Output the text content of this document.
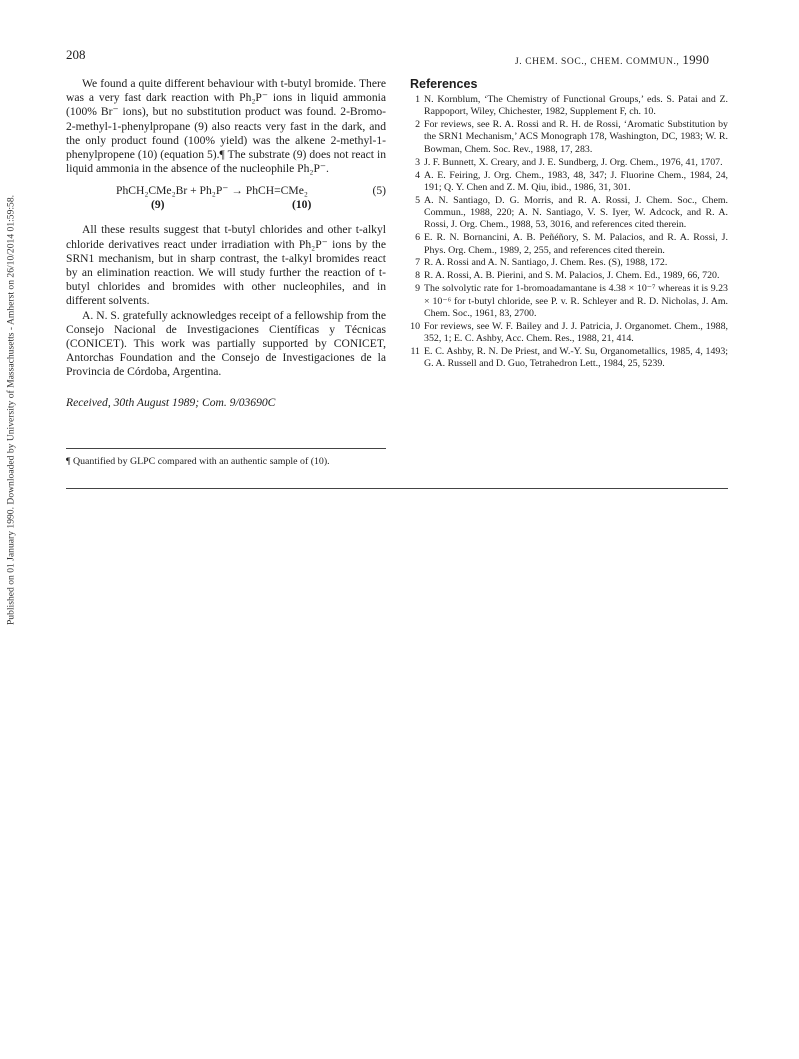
Published on 01 January 1990. Downloaded by University of Massachusetts - Amherst on 26/10/2014 01:59:58.
208	J. CHEM. SOC., CHEM. COMMUN., 1990

We found a quite different behaviour with t-butyl bromide. There was a very fast dark reaction with Ph₂P⁻ ions in liquid ammonia (100% Br⁻ ions), but no substitution product was found. 2-Bromo-2-methyl-1-phenylpropane (9) also reacts very fast in the dark, and the only product found (100% yield) was the alkene 2-methyl-1-phenylpropene (10) (equation 5).¶ The substrate (9) does not react in liquid ammonia in the absence of the nucleophile Ph₂P⁻.

PhCH₂CMe₂Br + Ph₂P⁻ → PhCH=CMe₂	(5)
(9)	(10)

All these results suggest that t-butyl chlorides and other t-alkyl chloride derivatives react under irradiation with Ph₂P⁻ ions by the SRN1 mechanism, but in sharp contrast, the t-alkyl bromides react by an elimination reaction. We will study further the reaction of t-butyl chlorides and bromides with other nucleophiles, and in different solvents.

A. N. S. gratefully acknowledges receipt of a fellowship from the Consejo Nacional de Investigaciones Científicas y Técnicas (CONICET). This work was partially supported by CONICET, Antorchas Foundation and the Consejo de Investigaciones de la Provincia de Córdoba, Argentina.

Received, 30th August 1989; Com. 9/03690C

¶ Quantified by GLPC compared with an authentic sample of (10).
References
1 N. Kornblum, ‘The Chemistry of Functional Groups,’ eds. S. Patai and Z. Rappoport, Wiley, Chichester, 1982, Supplement F, ch. 10.
2 For reviews, see R. A. Rossi and R. H. de Rossi, ‘Aromatic Substitution by the SRN1 Mechanism,’ ACS Monograph 178, Washington, DC, 1983; W. R. Bowman, Chem. Soc. Rev., 1988, 17, 283.
3 J. F. Bunnett, X. Creary, and J. E. Sundberg, J. Org. Chem., 1976, 41, 1707.
4 A. E. Feiring, J. Org. Chem., 1983, 48, 347; J. Fluorine Chem., 1984, 24, 191; Q. Y. Chen and Z. M. Qiu, ibid., 1986, 31, 301.
5 A. N. Santiago, D. G. Morris, and R. A. Rossi, J. Chem. Soc., Chem. Commun., 1988, 220; A. N. Santiago, V. S. Iyer, W. Adcock, and R. A. Rossi, J. Org. Chem., 1988, 53, 3016, and references cited therein.
6 E. R. N. Bornancini, A. B. Peñéñory, S. M. Palacios, and R. A. Rossi, J. Phys. Org. Chem., 1989, 2, 255, and references cited therein.
7 R. A. Rossi and A. N. Santiago, J. Chem. Res. (S), 1988, 172.
8 R. A. Rossi, A. B. Pierini, and S. M. Palacios, J. Chem. Ed., 1989, 66, 720.
9 The solvolytic rate for 1-bromoadamantane is 4.38 × 10⁻⁷ whereas it is 9.23 × 10⁻⁶ for t-butyl chloride, see P. v. R. Schleyer and R. D. Nicholas, J. Am. Chem. Soc., 1961, 83, 2700.
10 For reviews, see W. F. Bailey and J. J. Patricia, J. Organomet. Chem., 1988, 352, 1; E. C. Ashby, Acc. Chem. Res., 1988, 21, 414.
11 E. C. Ashby, R. N. De Priest, and W.-Y. Su, Organometallics, 1985, 4, 1493; G. A. Russell and D. Guo, Tetrahedron Lett., 1984, 25, 5239.
